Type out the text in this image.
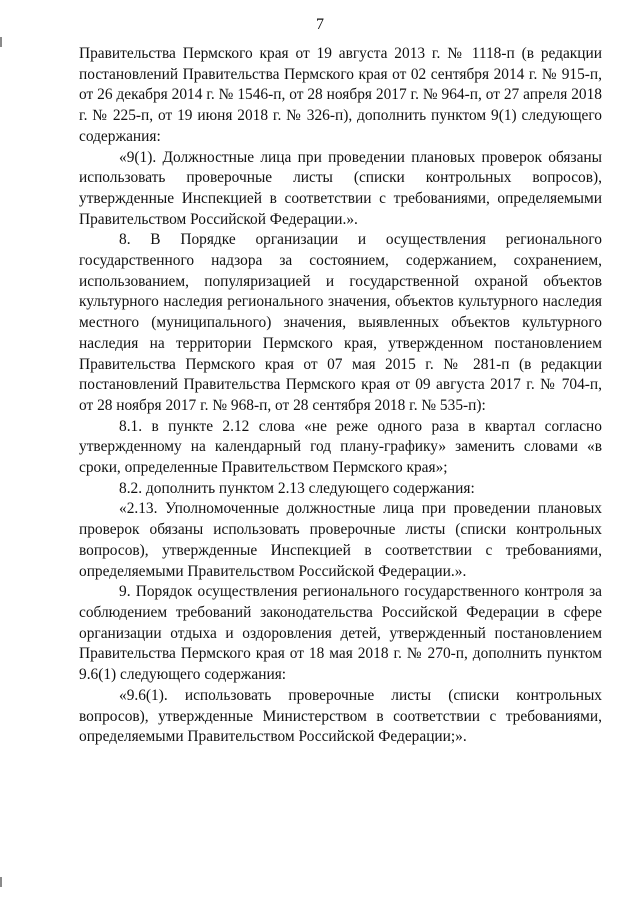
7

Правительства Пермского края от 19 августа 2013 г. № 1118-п (в редакции постановлений Правительства Пермского края от 02 сентября 2014 г. № 915-п, от 26 декабря 2014 г. № 1546-п, от 28 ноября 2017 г. № 964-п, от 27 апреля 2018 г. № 225-п, от 19 июня 2018 г. № 326-п), дополнить пунктом 9(1) следующего содержания:

«9(1). Должностные лица при проведении плановых проверок обязаны использовать проверочные листы (списки контрольных вопросов), утвержденные Инспекцией в соответствии с требованиями, определяемыми Правительством Российской Федерации.».

8. В Порядке организации и осуществления регионального государственного надзора за состоянием, содержанием, сохранением, использованием, популяризацией и государственной охраной объектов культурного наследия регионального значения, объектов культурного наследия местного (муниципального) значения, выявленных объектов культурного наследия на территории Пермского края, утвержденном постановлением Правительства Пермского края от 07 мая 2015 г. № 281-п (в редакции постановлений Правительства Пермского края от 09 августа 2017 г. № 704-п, от 28 ноября 2017 г. № 968-п, от 28 сентября 2018 г. № 535-п):

8.1. в пункте 2.12 слова «не реже одного раза в квартал согласно утвержденному на календарный год плану-графику» заменить словами «в сроки, определенные Правительством Пермского края»;

8.2. дополнить пунктом 2.13 следующего содержания:

«2.13. Уполномоченные должностные лица при проведении плановых проверок обязаны использовать проверочные листы (списки контрольных вопросов), утвержденные Инспекцией в соответствии с требованиями, определяемыми Правительством Российской Федерации.».

9. Порядок осуществления регионального государственного контроля за соблюдением требований законодательства Российской Федерации в сфере организации отдыха и оздоровления детей, утвержденный постановлением Правительства Пермского края от 18 мая 2018 г. № 270-п, дополнить пунктом 9.6(1) следующего содержания:

«9.6(1). использовать проверочные листы (списки контрольных вопросов), утвержденные Министерством в соответствии с требованиями, определяемыми Правительством Российской Федерации;».
